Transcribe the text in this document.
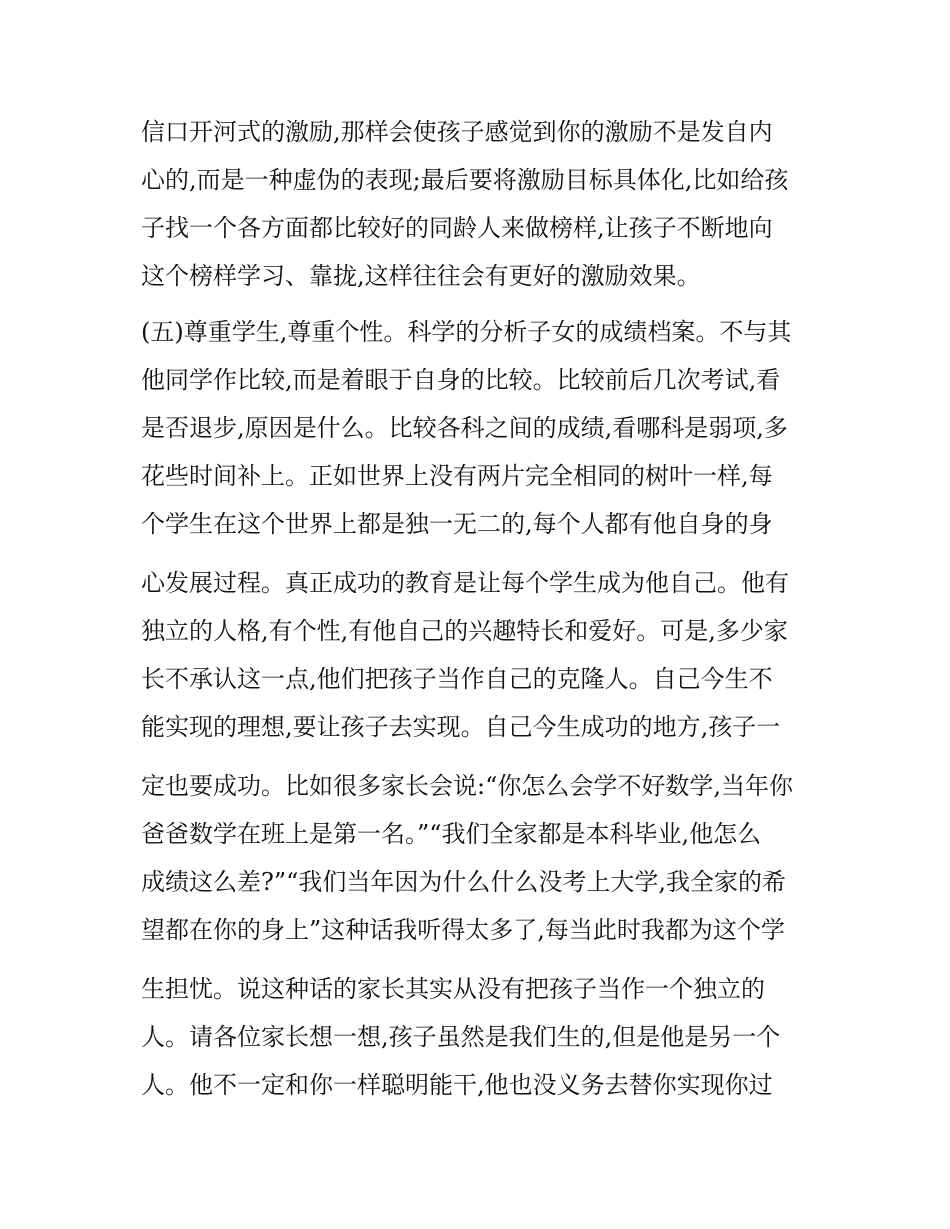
信口开河式的激励,那样会使孩子感觉到你的激励不是发自内
心的,而是一种虚伪的表现;最后要将激励目标具体化,比如给孩
子找一个各方面都比较好的同龄人来做榜样,让孩子不断地向
这个榜样学习、靠拢,这样往往会有更好的激励效果。
(五)尊重学生,尊重个性。科学的分析子女的成绩档案。不与其
他同学作比较,而是着眼于自身的比较。比较前后几次考试,看
是否退步,原因是什么。比较各科之间的成绩,看哪科是弱项,多
花些时间补上。正如世界上没有两片完全相同的树叶一样,每
个学生在这个世界上都是独一无二的,每个人都有他自身的身
心发展过程。真正成功的教育是让每个学生成为他自己。他有
独立的人格,有个性,有他自己的兴趣特长和爱好。可是,多少家
长不承认这一点,他们把孩子当作自己的克隆人。自己今生不
能实现的理想,要让孩子去实现。自己今生成功的地方,孩子一
定也要成功。比如很多家长会说:“你怎么会学不好数学,当年你
爸爸数学在班上是第一名。”“我们全家都是本科毕业,他怎么
成绩这么差?”“我们当年因为什么什么没考上大学,我全家的希
望都在你的身上”这种话我听得太多了,每当此时我都为这个学
生担忧。说这种话的家长其实从没有把孩子当作一个独立的
人。请各位家长想一想,孩子虽然是我们生的,但是他是另一个
人。他不一定和你一样聪明能干,他也没义务去替你实现你过
